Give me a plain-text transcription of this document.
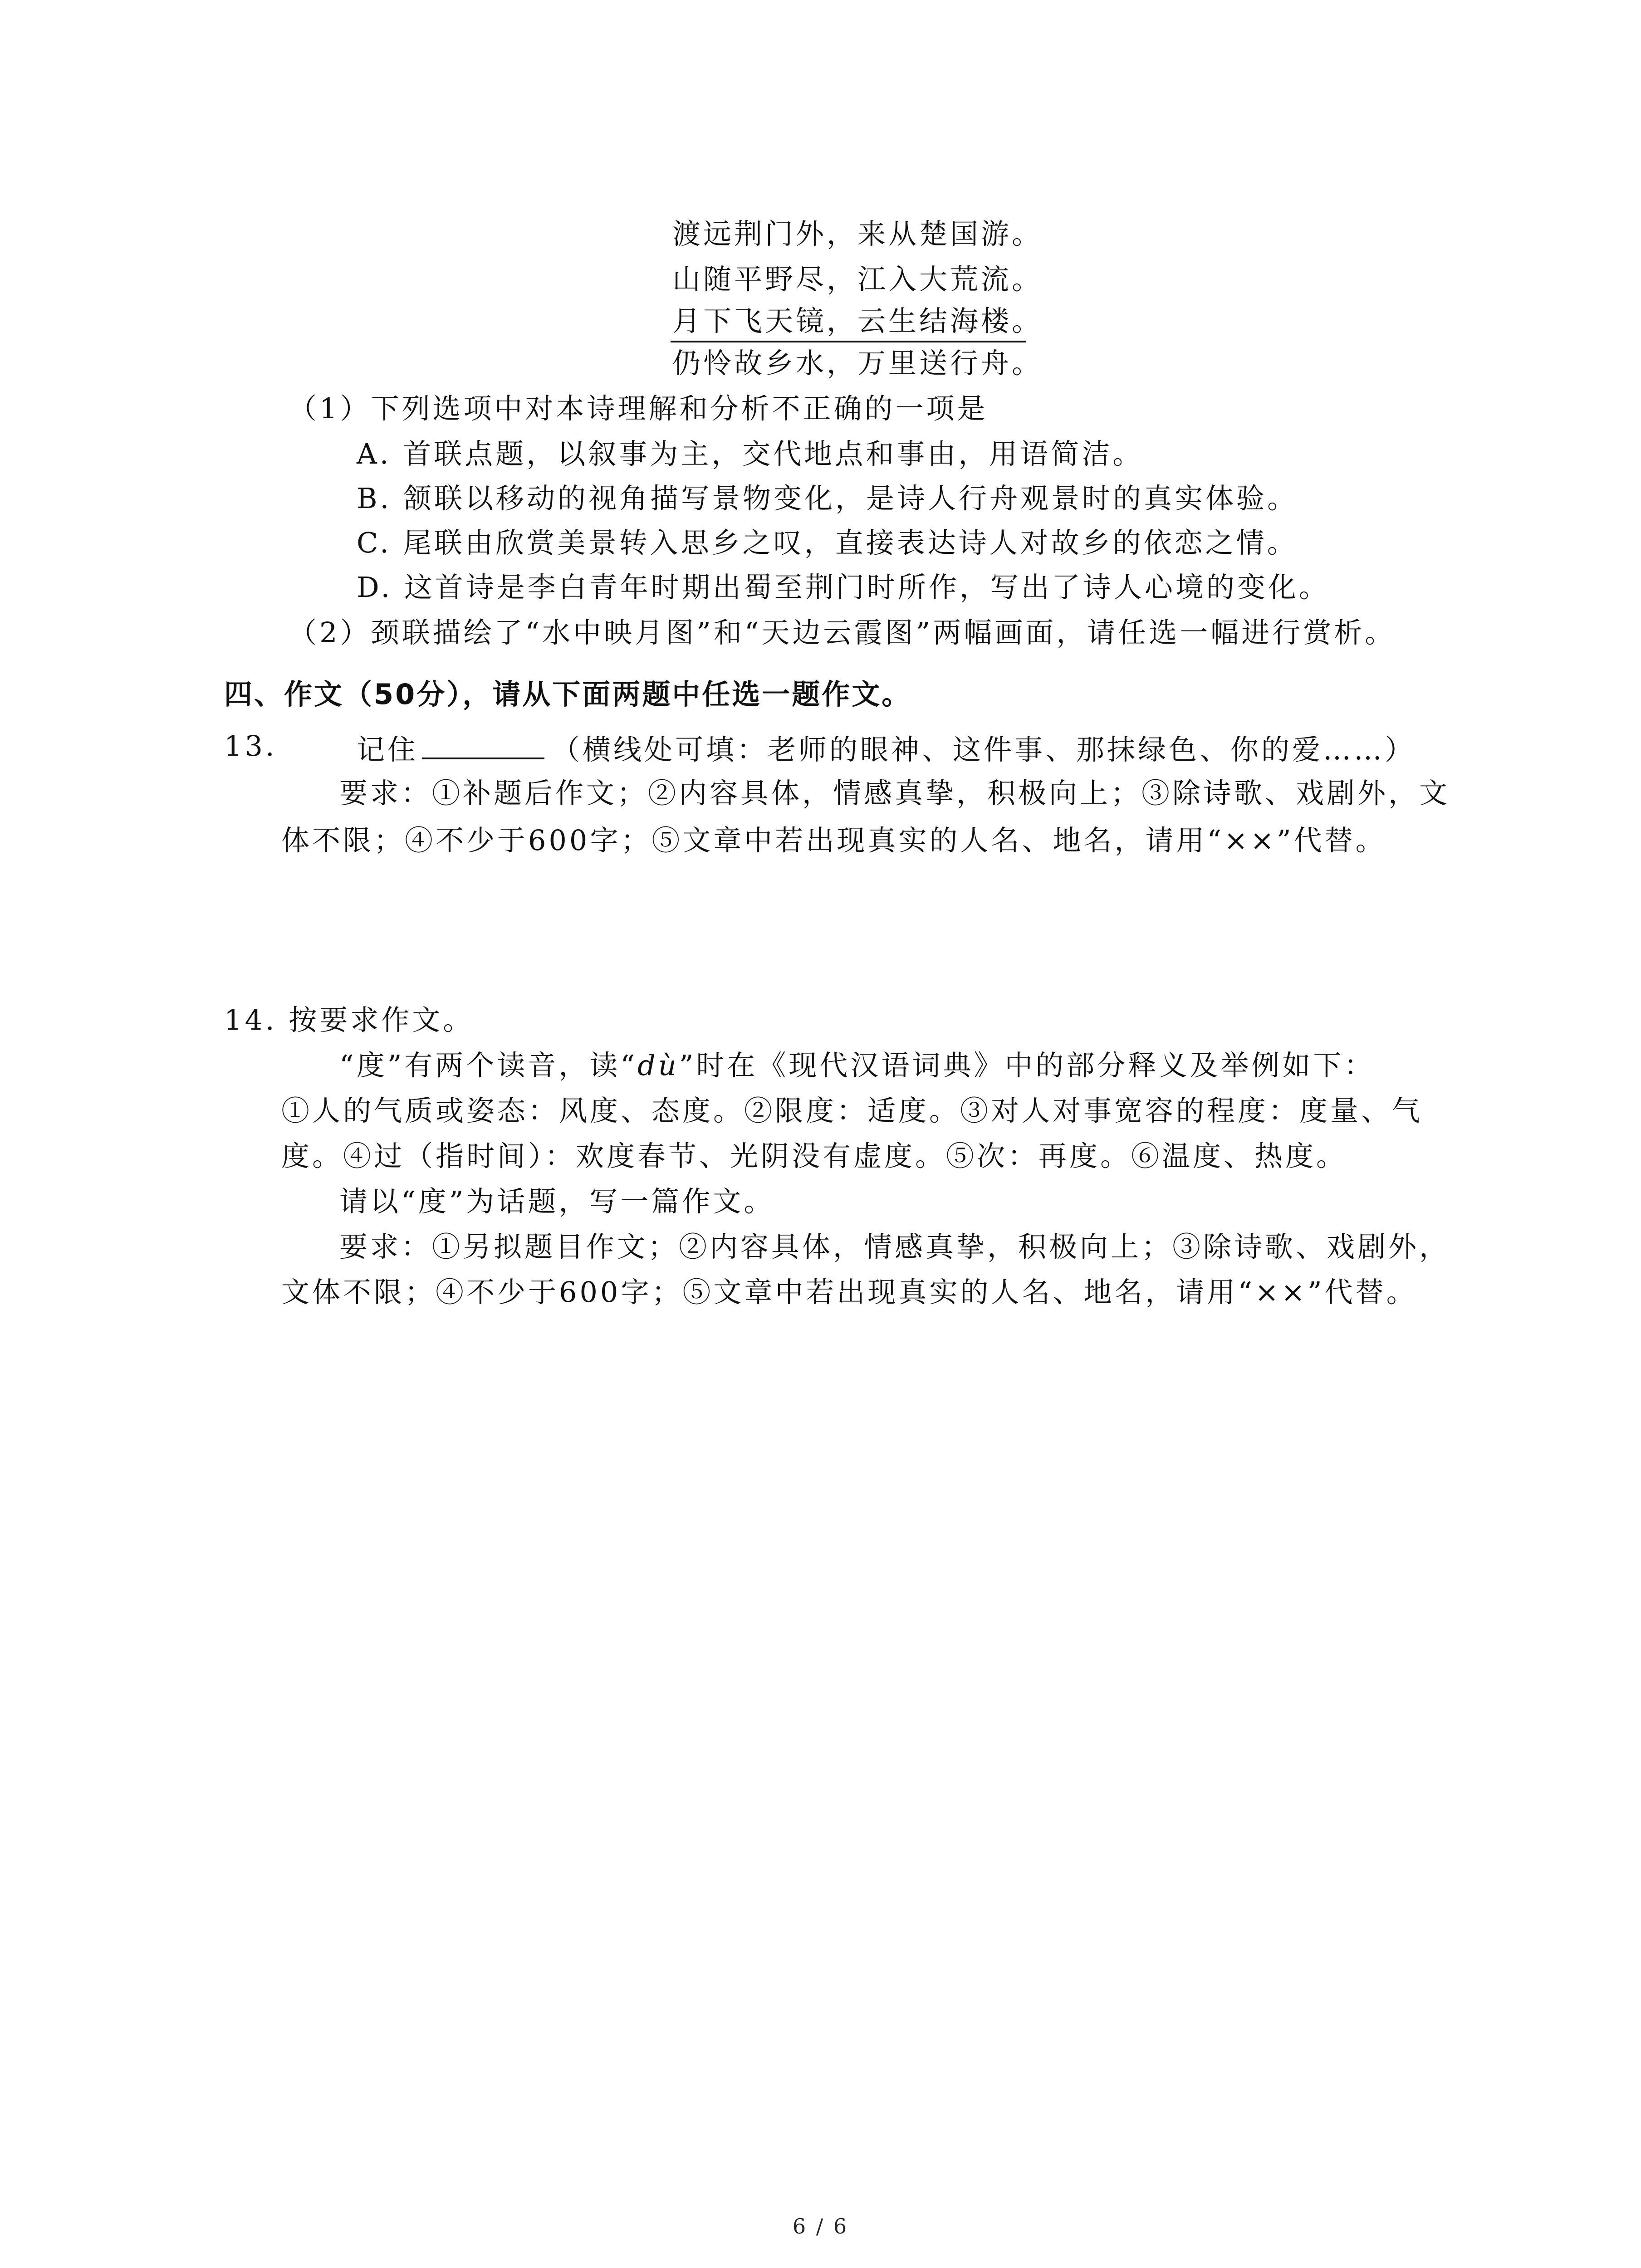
渡远荆门外，来从楚国游。
山随平野尽，江入大荒流。
月下飞天镜，云生结海楼。
仍怜故乡水，万里送行舟。
（1）下列选项中对本诗理解和分析不正确的一项是
A. 首联点题，以叙事为主，交代地点和事由，用语简洁。
B. 颔联以移动的视角描写景物变化，是诗人行舟观景时的真实体验。
C. 尾联由欣赏美景转入思乡之叹，直接表达诗人对故乡的依恋之情。
D. 这首诗是李白青年时期出蜀至荆门时所作，写出了诗人心境的变化。
（2）颈联描绘了“水中映月图”和“天边云霞图”两幅画面，请任选一幅进行赏析。
四、作文（50分），请从下面两题中任选一题作文。
13.	记住	（横线处可填：老师的眼神、这件事、那抹绿色、你的爱……）
要求：①补题后作文；②内容具体，情感真挚，积极向上；③除诗歌、戏剧外，文
体不限；④不少于600字；⑤文章中若出现真实的人名、地名，请用“××”代替。
14. 按要求作文。
“度”有两个读音，读“dù”时在《现代汉语词典》中的部分释义及举例如下：
①人的气质或姿态：风度、态度。②限度：适度。③对人对事宽容的程度：度量、气
度。④过（指时间）：欢度春节、光阴没有虚度。⑤次：再度。⑥温度、热度。
请以“度”为话题，写一篇作文。
要求：①另拟题目作文；②内容具体，情感真挚，积极向上；③除诗歌、戏剧外，
文体不限；④不少于600字；⑤文章中若出现真实的人名、地名，请用“××”代替。
6 / 6
